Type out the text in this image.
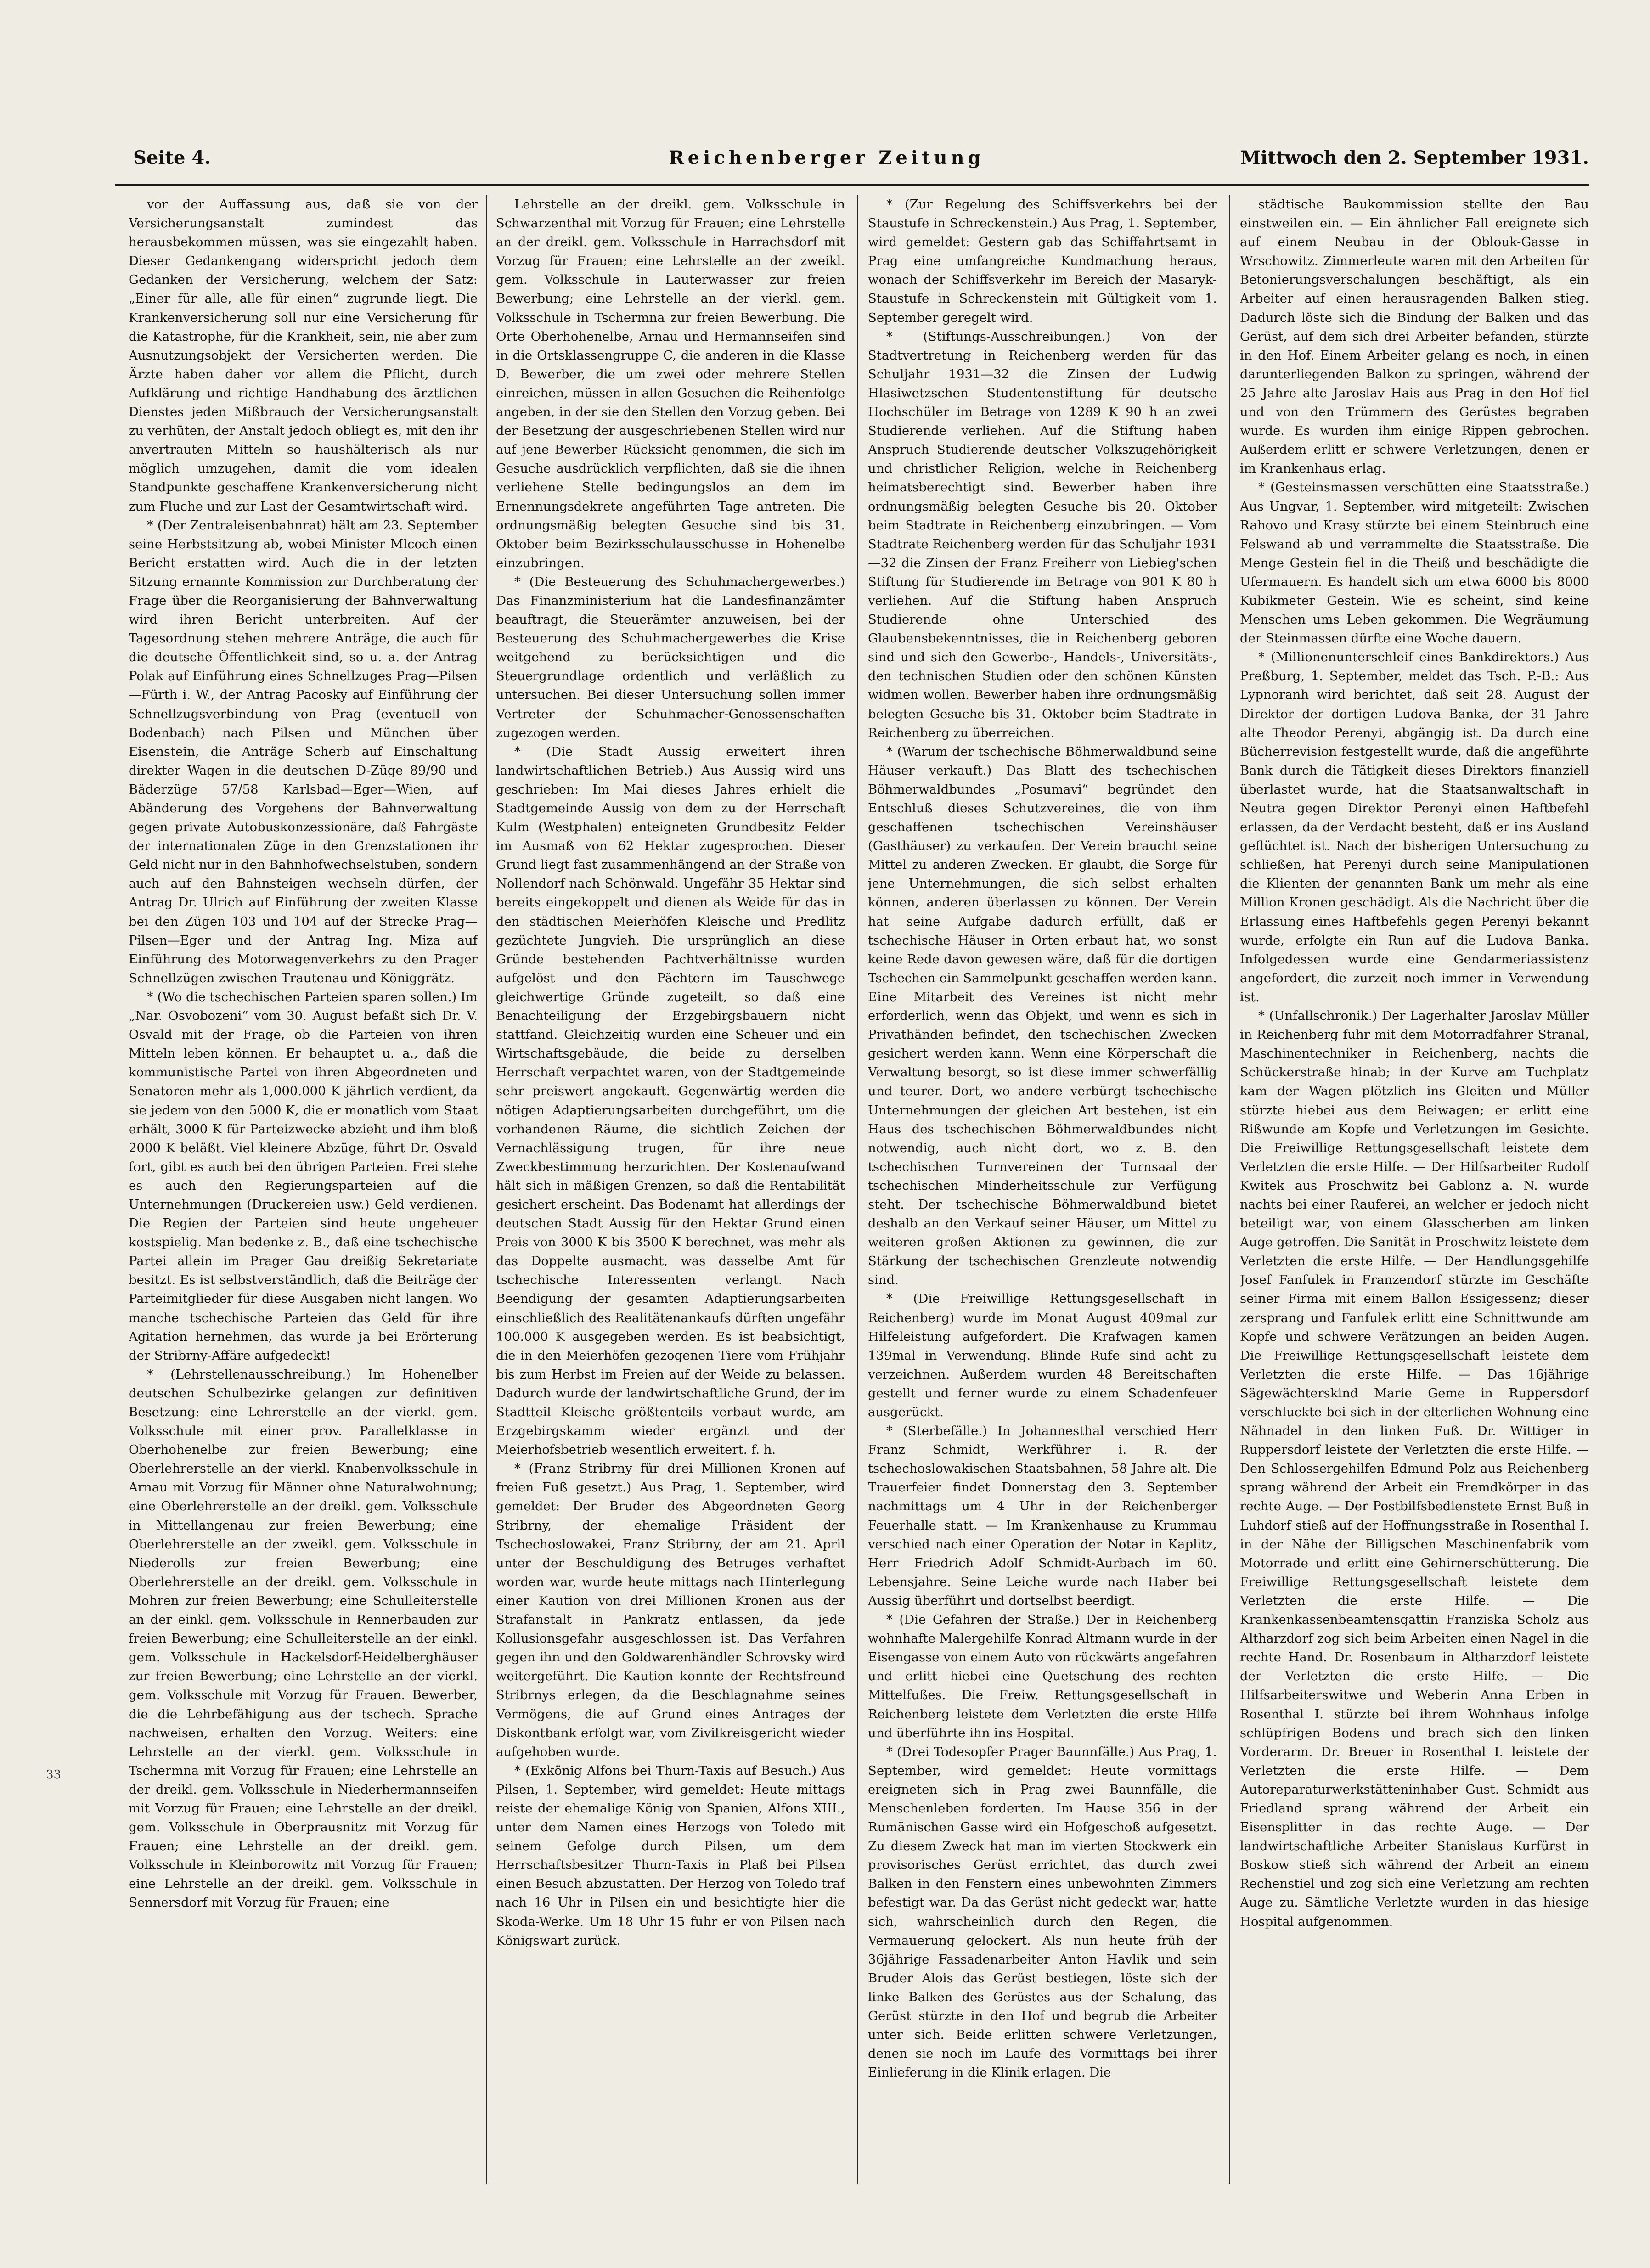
Seite 4.	Reichenberger Zeitung	Mittwoch den 2. September 1931.
33

vor der Auffassung aus, daß sie von der Versicherungsanstalt zumindest das herausbekommen müssen, was sie eingezahlt haben. Dieser Gedankengang widerspricht jedoch dem Gedanken der Versicherung, welchem der Satz: „Einer für alle, alle für einen“ zugrunde liegt. Die Krankenversicherung soll nur eine Versicherung für die Katastrophe, für die Krankheit, sein, nie aber zum Ausnutzungsobjekt der Versicherten werden. Die Ärzte haben daher vor allem die Pflicht, durch Aufklärung und richtige Handhabung des ärztlichen Dienstes jeden Mißbrauch der Versicherungsanstalt zu verhüten, der Anstalt jedoch obliegt es, mit den ihr anvertrauten Mitteln so haushälterisch als nur möglich umzugehen, damit die vom idealen Standpunkte geschaffene Krankenversicherung nicht zum Fluche und zur Last der Gesamtwirtschaft wird.

* (Der Zentraleisenbahnrat) hält am 23. September seine Herbstsitzung ab, wobei Minister Mlcoch einen Bericht erstatten wird. Auch die in der letzten Sitzung ernannte Kommission zur Durchberatung der Frage über die Reorganisierung der Bahnverwaltung wird ihren Bericht unterbreiten. Auf der Tagesordnung stehen mehrere Anträge, die auch für die deutsche Öffentlichkeit sind, so u. a. der Antrag Polak auf Einführung eines Schnellzuges Prag—Pilsen—Fürth i. W., der Antrag Pacosky auf Einführung der Schnellzugsverbindung von Prag (eventuell von Bodenbach) nach Pilsen und München über Eisenstein, die Anträge Scherb auf Einschaltung direkter Wagen in die deutschen D-Züge 89/90 und Bäderzüge 57/58 Karlsbad—Eger—Wien, auf Abänderung des Vorgehens der Bahnverwaltung gegen private Autobuskonzessionäre, daß Fahrgäste der internationalen Züge in den Grenzstationen ihr Geld nicht nur in den Bahnhofwechselstuben, sondern auch auf den Bahnsteigen wechseln dürfen, der Antrag Dr. Ulrich auf Einführung der zweiten Klasse bei den Zügen 103 und 104 auf der Strecke Prag—Pilsen—Eger und der Antrag Ing. Miza auf Einführung des Motorwagenverkehrs zu den Prager Schnellzügen zwischen Trautenau und Königgrätz.

* (Wo die tschechischen Parteien sparen sollen.) Im „Nar. Osvobozeni“ vom 30. August befaßt sich Dr. V. Osvald mit der Frage, ob die Parteien von ihren Mitteln leben können. Er behauptet u. a., daß die kommunistische Partei von ihren Abgeordneten und Senatoren mehr als 1,000.000 K jährlich verdient, da sie jedem von den 5000 K, die er monatlich vom Staat erhält, 3000 K für Parteizwecke abzieht und ihm bloß 2000 K beläßt. Viel kleinere Abzüge, führt Dr. Osvald fort, gibt es auch bei den übrigen Parteien. Frei stehe es auch den Regierungsparteien auf die Unternehmungen (Druckereien usw.) Geld verdienen. Die Regien der Parteien sind heute ungeheuer kostspielig. Man bedenke z. B., daß eine tschechische Partei allein im Prager Gau dreißig Sekretariate besitzt. Es ist selbstverständlich, daß die Beiträge der Parteimitglieder für diese Ausgaben nicht langen. Wo manche tschechische Parteien das Geld für ihre Agitation hernehmen, das wurde ja bei Erörterung der Stribrny-Affäre aufgedeckt!

* (Lehrstellenausschreibung.) Im Hohenelber deutschen Schulbezirke gelangen zur definitiven Besetzung: eine Lehrerstelle an der vierkl. gem. Volksschule mit einer prov. Parallelklasse in Oberhohenelbe zur freien Bewerbung; eine Oberlehrerstelle an der vierkl. Knabenvolksschule in Arnau mit Vorzug für Männer ohne Naturalwohnung; eine Oberlehrerstelle an der dreikl. gem. Volksschule in Mittellangenau zur freien Bewerbung; eine Oberlehrerstelle an der zweikl. gem. Volksschule in Niederolls zur freien Bewerbung; eine Oberlehrerstelle an der dreikl. gem. Volksschule in Mohren zur freien Bewerbung; eine Schulleiterstelle an der einkl. gem. Volksschule in Rennerbauden zur freien Bewerbung; eine Schulleiterstelle an der einkl. gem. Volksschule in Hackelsdorf-Heidelberghäuser zur freien Bewerbung; eine Lehrstelle an der vierkl. gem. Volksschule mit Vorzug für Frauen. Bewerber, die die Lehrbefähigung aus der tschech. Sprache nachweisen, erhalten den Vorzug. Weiters: eine Lehrstelle an der vierkl. gem. Volksschule in Tschermna mit Vorzug für Frauen; eine Lehrstelle an der dreikl. gem. Volksschule in Niederhermannseifen mit Vorzug für Frauen; eine Lehrstelle an der dreikl. gem. Volksschule in Oberprausnitz mit Vorzug für Frauen; eine Lehrstelle an der dreikl. gem. Volksschule in Kleinborowitz mit Vorzug für Frauen; eine Lehrstelle an der dreikl. gem. Volksschule in Sennersdorf mit Vorzug für Frauen; eine

Lehrstelle an der dreikl. gem. Volksschule in Schwarzenthal mit Vorzug für Frauen; eine Lehrstelle an der dreikl. gem. Volksschule in Harrachsdorf mit Vorzug für Frauen; eine Lehrstelle an der zweikl. gem. Volksschule in Lauterwasser zur freien Bewerbung; eine Lehrstelle an der vierkl. gem. Volksschule in Tschermna zur freien Bewerbung. Die Orte Oberhohenelbe, Arnau und Hermannseifen sind in die Ortsklassengruppe C, die anderen in die Klasse D. Bewerber, die um zwei oder mehrere Stellen einreichen, müssen in allen Gesuchen die Reihenfolge angeben, in der sie den Stellen den Vorzug geben. Bei der Besetzung der ausgeschriebenen Stellen wird nur auf jene Bewerber Rücksicht genommen, die sich im Gesuche ausdrücklich verpflichten, daß sie die ihnen verliehene Stelle bedingungslos an dem im Ernennungsdekrete angeführten Tage antreten. Die ordnungsmäßig belegten Gesuche sind bis 31. Oktober beim Bezirksschulausschusse in Hohenelbe einzubringen.

* (Die Besteuerung des Schuhmachergewerbes.) Das Finanzministerium hat die Landesfinanzämter beauftragt, die Steuerämter anzuweisen, bei der Besteuerung des Schuhmachergewerbes die Krise weitgehend zu berücksichtigen und die Steuergrundlage ordentlich und verläßlich zu untersuchen. Bei dieser Untersuchung sollen immer Vertreter der Schuhmacher-Genossenschaften zugezogen werden.

* (Die Stadt Aussig erweitert ihren landwirtschaftlichen Betrieb.) Aus Aussig wird uns geschrieben: Im Mai dieses Jahres erhielt die Stadtgemeinde Aussig von dem zu der Herrschaft Kulm (Westphalen) enteigneten Grundbesitz Felder im Ausmaß von 62 Hektar zugesprochen. Dieser Grund liegt fast zusammenhängend an der Straße von Nollendorf nach Schönwald. Ungefähr 35 Hektar sind bereits eingekoppelt und dienen als Weide für das in den städtischen Meierhöfen Kleische und Predlitz gezüchtete Jungvieh. Die ursprünglich an diese Gründe bestehenden Pachtverhältnisse wurden aufgelöst und den Pächtern im Tauschwege gleichwertige Gründe zugeteilt, so daß eine Benachteiligung der Erzgebirgsbauern nicht stattfand. Gleichzeitig wurden eine Scheuer und ein Wirtschaftsgebäude, die beide zu derselben Herrschaft verpachtet waren, von der Stadtgemeinde sehr preiswert angekauft. Gegenwärtig werden die nötigen Adaptierungsarbeiten durchgeführt, um die vorhandenen Räume, die sichtlich Zeichen der Vernachlässigung trugen, für ihre neue Zweckbestimmung herzurichten. Der Kostenaufwand hält sich in mäßigen Grenzen, so daß die Rentabilität gesichert erscheint. Das Bodenamt hat allerdings der deutschen Stadt Aussig für den Hektar Grund einen Preis von 3000 K bis 3500 K berechnet, was mehr als das Doppelte ausmacht, was dasselbe Amt für tschechische Interessenten verlangt. Nach Beendigung der gesamten Adaptierungsarbeiten einschließlich des Realitätenankaufs dürften ungefähr 100.000 K ausgegeben werden. Es ist beabsichtigt, die in den Meierhöfen gezogenen Tiere vom Frühjahr bis zum Herbst im Freien auf der Weide zu belassen. Dadurch wurde der landwirtschaftliche Grund, der im Stadtteil Kleische größtenteils verbaut wurde, am Erzgebirgskamm wieder ergänzt und der Meierhofsbetrieb wesentlich erweitert. f. h.

* (Franz Stribrny für drei Millionen Kronen auf freien Fuß gesetzt.) Aus Prag, 1. September, wird gemeldet: Der Bruder des Abgeordneten Georg Stribrny, der ehemalige Präsident der Tschechoslowakei, Franz Stribrny, der am 21. April unter der Beschuldigung des Betruges verhaftet worden war, wurde heute mittags nach Hinterlegung einer Kaution von drei Millionen Kronen aus der Strafanstalt in Pankratz entlassen, da jede Kollusionsgefahr ausgeschlossen ist. Das Verfahren gegen ihn und den Goldwarenhändler Schrovsky wird weitergeführt. Die Kaution konnte der Rechtsfreund Stribrnys erlegen, da die Beschlagnahme seines Vermögens, die auf Grund eines Antrages der Diskontbank erfolgt war, vom Zivilkreisgericht wieder aufgehoben wurde.

* (Exkönig Alfons bei Thurn-Taxis auf Besuch.) Aus Pilsen, 1. September, wird gemeldet: Heute mittags reiste der ehemalige König von Spanien, Alfons XIII., unter dem Namen eines Herzogs von Toledo mit seinem Gefolge durch Pilsen, um dem Herrschaftsbesitzer Thurn-Taxis in Plaß bei Pilsen einen Besuch abzustatten. Der Herzog von Toledo traf nach 16 Uhr in Pilsen ein und besichtigte hier die Skoda-Werke. Um 18 Uhr 15 fuhr er von Pilsen nach Königswart zurück.

* (Zur Regelung des Schiffsverkehrs bei der Staustufe in Schreckenstein.) Aus Prag, 1. September, wird gemeldet: Gestern gab das Schiffahrtsamt in Prag eine umfangreiche Kundmachung heraus, wonach der Schiffsverkehr im Bereich der Masaryk-Staustufe in Schreckenstein mit Gültigkeit vom 1. September geregelt wird.

* (Stiftungs-Ausschreibungen.) Von der Stadtvertretung in Reichenberg werden für das Schuljahr 1931—32 die Zinsen der Ludwig Hlasiwetzschen Studentenstiftung für deutsche Hochschüler im Betrage von 1289 K 90 h an zwei Studierende verliehen. Auf die Stiftung haben Anspruch Studierende deutscher Volkszugehörigkeit und christlicher Religion, welche in Reichenberg heimatsberechtigt sind. Bewerber haben ihre ordnungsmäßig belegten Gesuche bis 20. Oktober beim Stadtrate in Reichenberg einzubringen. — Vom Stadtrate Reichenberg werden für das Schuljahr 1931—32 die Zinsen der Franz Freiherr von Liebieg'schen Stiftung für Studierende im Betrage von 901 K 80 h verliehen. Auf die Stiftung haben Anspruch Studierende ohne Unterschied des Glaubensbekenntnisses, die in Reichenberg geboren sind und sich den Gewerbe-, Handels-, Universitäts-, den technischen Studien oder den schönen Künsten widmen wollen. Bewerber haben ihre ordnungsmäßig belegten Gesuche bis 31. Oktober beim Stadtrate in Reichenberg zu überreichen.

* (Warum der tschechische Böhmerwaldbund seine Häuser verkauft.) Das Blatt des tschechischen Böhmerwaldbundes „Posumavi“ begründet den Entschluß dieses Schutzvereines, die von ihm geschaffenen tschechischen Vereinshäuser (Gasthäuser) zu verkaufen. Der Verein braucht seine Mittel zu anderen Zwecken. Er glaubt, die Sorge für jene Unternehmungen, die sich selbst erhalten können, anderen überlassen zu können. Der Verein hat seine Aufgabe dadurch erfüllt, daß er tschechische Häuser in Orten erbaut hat, wo sonst keine Rede davon gewesen wäre, daß für die dortigen Tschechen ein Sammelpunkt geschaffen werden kann. Eine Mitarbeit des Vereines ist nicht mehr erforderlich, wenn das Objekt, und wenn es sich in Privathänden befindet, den tschechischen Zwecken gesichert werden kann. Wenn eine Körperschaft die Verwaltung besorgt, so ist diese immer schwerfällig und teurer. Dort, wo andere verbürgt tschechische Unternehmungen der gleichen Art bestehen, ist ein Haus des tschechischen Böhmerwaldbundes nicht notwendig, auch nicht dort, wo z. B. den tschechischen Turnvereinen der Turnsaal der tschechischen Minderheitsschule zur Verfügung steht. Der tschechische Böhmerwaldbund bietet deshalb an den Verkauf seiner Häuser, um Mittel zu weiteren großen Aktionen zu gewinnen, die zur Stärkung der tschechischen Grenzleute notwendig sind.

* (Die Freiwillige Rettungsgesellschaft in Reichenberg) wurde im Monat August 409mal zur Hilfeleistung aufgefordert. Die Krafwagen kamen 139mal in Verwendung. Blinde Rufe sind acht zu verzeichnen. Außerdem wurden 48 Bereitschaften gestellt und ferner wurde zu einem Schadenfeuer ausgerückt.

* (Sterbefälle.) In Johannesthal verschied Herr Franz Schmidt, Werkführer i. R. der tschechoslowakischen Staatsbahnen, 58 Jahre alt. Die Trauerfeier findet Donnerstag den 3. September nachmittags um 4 Uhr in der Reichenberger Feuerhalle statt. — Im Krankenhause zu Krummau verschied nach einer Operation der Notar in Kaplitz, Herr Friedrich Adolf Schmidt-Aurbach im 60. Lebensjahre. Seine Leiche wurde nach Haber bei Aussig überführt und dortselbst beerdigt.

* (Die Gefahren der Straße.) Der in Reichenberg wohnhafte Malergehilfe Konrad Altmann wurde in der Eisengasse von einem Auto von rückwärts angefahren und erlitt hiebei eine Quetschung des rechten Mittelfußes. Die Freiw. Rettungsgesellschaft in Reichenberg leistete dem Verletzten die erste Hilfe und überführte ihn ins Hospital.

* (Drei Todesopfer Prager Baunnfälle.) Aus Prag, 1. September, wird gemeldet: Heute vormittags ereigneten sich in Prag zwei Baunnfälle, die Menschenleben forderten. Im Hause 356 in der Rumänischen Gasse wird ein Hofgeschoß aufgesetzt. Zu diesem Zweck hat man im vierten Stockwerk ein provisorisches Gerüst errichtet, das durch zwei Balken in den Fenstern eines unbewohnten Zimmers befestigt war. Da das Gerüst nicht gedeckt war, hatte sich, wahrscheinlich durch den Regen, die Vermauerung gelockert. Als nun heute früh der 36jährige Fassadenarbeiter Anton Havlik und sein Bruder Alois das Gerüst bestiegen, löste sich der linke Balken des Gerüstes aus der Schalung, das Gerüst stürzte in den Hof und begrub die Arbeiter unter sich. Beide erlitten schwere Verletzungen, denen sie noch im Laufe des Vormittags bei ihrer Einlieferung in die Klinik erlagen. Die

städtische Baukommission stellte den Bau einstweilen ein. — Ein ähnlicher Fall ereignete sich auf einem Neubau in der Oblouk-Gasse in Wrschowitz. Zimmerleute waren mit den Arbeiten für Betonierungsverschalungen beschäftigt, als ein Arbeiter auf einen herausragenden Balken stieg. Dadurch löste sich die Bindung der Balken und das Gerüst, auf dem sich drei Arbeiter befanden, stürzte in den Hof. Einem Arbeiter gelang es noch, in einen darunterliegenden Balkon zu springen, während der 25 Jahre alte Jaroslav Hais aus Prag in den Hof fiel und von den Trümmern des Gerüstes begraben wurde. Es wurden ihm einige Rippen gebrochen. Außerdem erlitt er schwere Verletzungen, denen er im Krankenhaus erlag.

* (Gesteinsmassen verschütten eine Staatsstraße.) Aus Ungvar, 1. September, wird mitgeteilt: Zwischen Rahovo und Krasy stürzte bei einem Steinbruch eine Felswand ab und verrammelte die Staatsstraße. Die Menge Gestein fiel in die Theiß und beschädigte die Ufermauern. Es handelt sich um etwa 6000 bis 8000 Kubikmeter Gestein. Wie es scheint, sind keine Menschen ums Leben gekommen. Die Wegräumung der Steinmassen dürfte eine Woche dauern.

* (Millionenunterschleif eines Bankdirektors.) Aus Preßburg, 1. September, meldet das Tsch. P.-B.: Aus Lypnoranh wird berichtet, daß seit 28. August der Direktor der dortigen Ludova Banka, der 31 Jahre alte Theodor Perenyi, abgängig ist. Da durch eine Bücherrevision festgestellt wurde, daß die angeführte Bank durch die Tätigkeit dieses Direktors finanziell überlastet wurde, hat die Staatsanwaltschaft in Neutra gegen Direktor Perenyi einen Haftbefehl erlassen, da der Verdacht besteht, daß er ins Ausland geflüchtet ist. Nach der bisherigen Untersuchung zu schließen, hat Perenyi durch seine Manipulationen die Klienten der genannten Bank um mehr als eine Million Kronen geschädigt. Als die Nachricht über die Erlassung eines Haftbefehls gegen Perenyi bekannt wurde, erfolgte ein Run auf die Ludova Banka. Infolgedessen wurde eine Gendarmeriassistenz angefordert, die zurzeit noch immer in Verwendung ist.

* (Unfallschronik.) Der Lagerhalter Jaroslav Müller in Reichenberg fuhr mit dem Motorradfahrer Stranal, Maschinentechniker in Reichenberg, nachts die Schückerstraße hinab; in der Kurve am Tuchplatz kam der Wagen plötzlich ins Gleiten und Müller stürzte hiebei aus dem Beiwagen; er erlitt eine Rißwunde am Kopfe und Verletzungen im Gesichte. Die Freiwillige Rettungsgesellschaft leistete dem Verletzten die erste Hilfe. — Der Hilfsarbeiter Rudolf Kwitek aus Proschwitz bei Gablonz a. N. wurde nachts bei einer Rauferei, an welcher er jedoch nicht beteiligt war, von einem Glasscherben am linken Auge getroffen. Die Sanität in Proschwitz leistete dem Verletzten die erste Hilfe. — Der Handlungsgehilfe Josef Fanfulek in Franzendorf stürzte im Geschäfte seiner Firma mit einem Ballon Essigessenz; dieser zersprang und Fanfulek erlitt eine Schnittwunde am Kopfe und schwere Verätzungen an beiden Augen. Die Freiwillige Rettungsgesellschaft leistete dem Verletzten die erste Hilfe. — Das 16jährige Sägewächterskind Marie Geme in Ruppersdorf verschluckte bei sich in der elterlichen Wohnung eine Nähnadel in den linken Fuß. Dr. Wittiger in Ruppersdorf leistete der Verletzten die erste Hilfe. — Den Schlossergehilfen Edmund Polz aus Reichenberg sprang während der Arbeit ein Fremdkörper in das rechte Auge. — Der Postbilfsbedienstete Ernst Buß in Luhdorf stieß auf der Hoffnungsstraße in Rosenthal I. in der Nähe der Billigschen Maschinenfabrik vom Motorrade und erlitt eine Gehirnerschütterung. Die Freiwillige Rettungsgesellschaft leistete dem Verletzten die erste Hilfe. — Die Krankenkassenbeamtensgattin Franziska Scholz aus Altharzdorf zog sich beim Arbeiten einen Nagel in die rechte Hand. Dr. Rosenbaum in Altharzdorf leistete der Verletzten die erste Hilfe. — Die Hilfsarbeiterswitwe und Weberin Anna Erben in Rosenthal I. stürzte bei ihrem Wohnhaus infolge schlüpfrigen Bodens und brach sich den linken Vorderarm. Dr. Breuer in Rosenthal I. leistete der Verletzten die erste Hilfe. — Dem Autoreparaturwerkstätteninhaber Gust. Schmidt aus Friedland sprang während der Arbeit ein Eisensplitter in das rechte Auge. — Der landwirtschaftliche Arbeiter Stanislaus Kurfürst in Boskow stieß sich während der Arbeit an einem Rechenstiel und zog sich eine Verletzung am rechten Auge zu. Sämtliche Verletzte wurden in das hiesige Hospital aufgenommen.
